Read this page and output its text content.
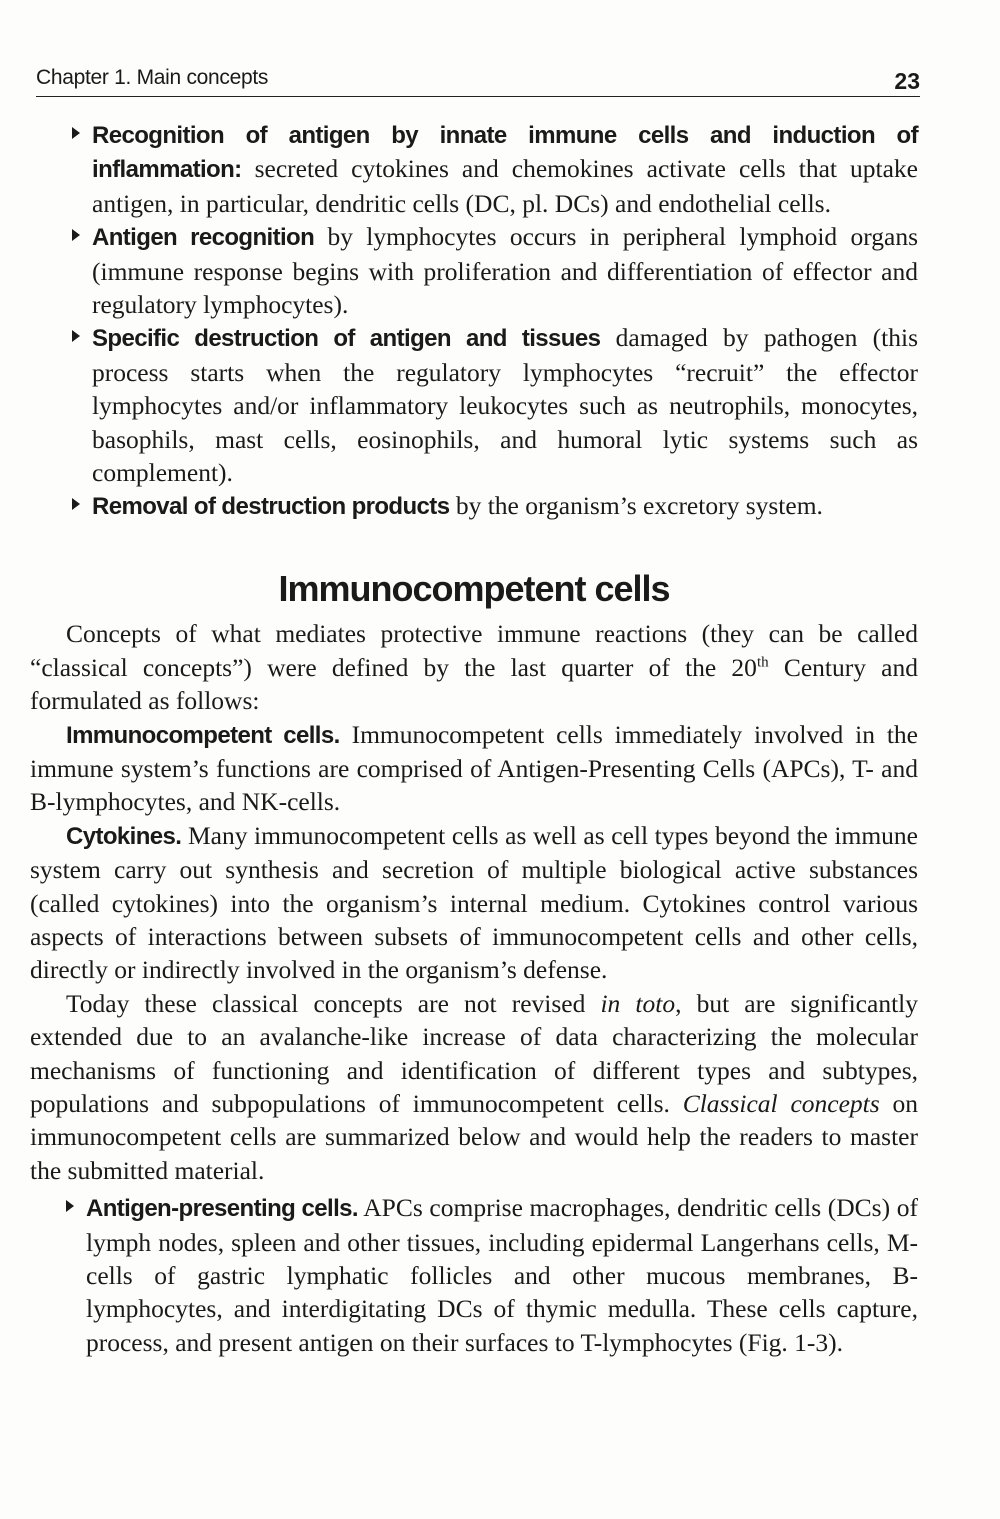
Chapter 1. Main concepts	23
Recognition of antigen by innate immune cells and induction of inflammation: secreted cytokines and chemokines activate cells that uptake antigen, in particular, dendritic cells (DC, pl. DCs) and endothelial cells.
Antigen recognition by lymphocytes occurs in peripheral lymphoid organs (immune response begins with proliferation and differentiation of effector and regulatory lymphocytes).
Specific destruction of antigen and tissues damaged by pathogen (this process starts when the regulatory lymphocytes “recruit” the effector lymphocytes and/or inflammatory leukocytes such as neutrophils, monocytes, basophils, mast cells, eosinophils, and humoral lytic systems such as complement).
Removal of destruction products by the organism’s excretory system.
Immunocompetent cells
Concepts of what mediates protective immune reactions (they can be called “classical concepts”) were defined by the last quarter of the 20th Century and formulated as follows:
Immunocompetent cells. Immunocompetent cells immediately involved in the immune system’s functions are comprised of Antigen-Presenting Cells (APCs), T- and B-lymphocytes, and NK-cells.
Cytokines. Many immunocompetent cells as well as cell types beyond the immune system carry out synthesis and secretion of multiple biological active substances (called cytokines) into the organism’s internal medium. Cytokines control various aspects of interactions between subsets of immunocompetent cells and other cells, directly or indirectly involved in the organism’s defense.
Today these classical concepts are not revised in toto, but are significantly extended due to an avalanche-like increase of data characterizing the molecular mechanisms of functioning and identification of different types and subtypes, populations and subpopulations of immunocompetent cells. Classical concepts on immunocompetent cells are summarized below and would help the readers to master the submitted material.
Antigen-presenting cells. APCs comprise macrophages, dendritic cells (DCs) of lymph nodes, spleen and other tissues, including epidermal Langerhans cells, M-cells of gastric lymphatic follicles and other mucous membranes, B-lymphocytes, and interdigitating DCs of thymic medulla. These cells capture, process, and present antigen on their surfaces to T-lymphocytes (Fig. 1-3).
